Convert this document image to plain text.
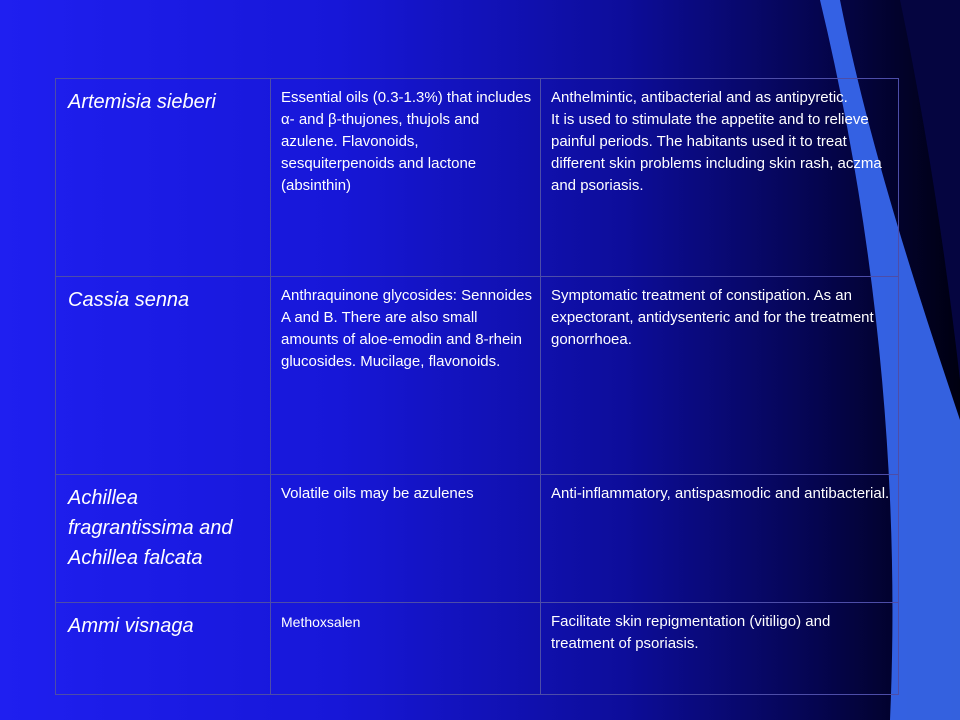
Artemisia sieberi	Essential oils (0.3-1.3%) that includes α- and β-thujones, thujols and azulene. Flavonoids, sesquiterpenoids and lactone (absinthin)	Anthelmintic, antibacterial and as antipyretic.
It is used to stimulate the appetite and to relieve painful periods. The habitants used it to treat different skin problems including skin rash, aczma and psoriasis.
Cassia senna	Anthraquinone glycosides: Sennoides A and B. There are also small amounts of aloe-emodin and 8-rhein glucosides. Mucilage, flavonoids.	Symptomatic treatment of constipation. As an expectorant, antidysenteric and for the treatment gonorrhoea.
Achillea fragrantissima and Achillea falcata	Volatile oils may be azulenes	Anti-inflammatory, antispasmodic and antibacterial.
Ammi visnaga	Methoxsalen	Facilitate skin repigmentation (vitiligo) and treatment of psoriasis.
